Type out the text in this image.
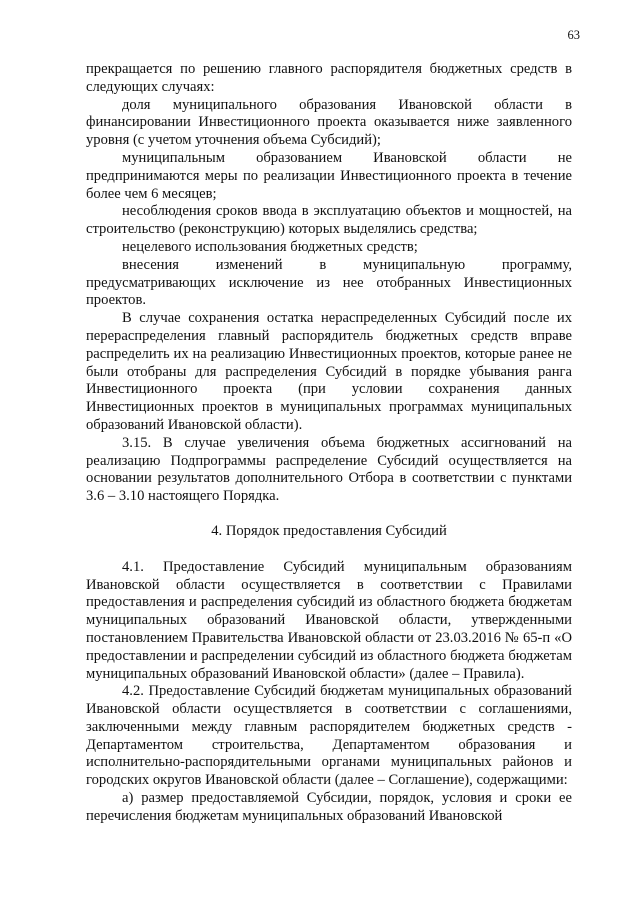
63

прекращается по решению главного распорядителя бюджетных средств в следующих случаях:

доля муниципального образования Ивановской области в финансировании Инвестиционного проекта оказывается ниже заявленного уровня (с учетом уточнения объема Субсидий);

муниципальным образованием Ивановской области не предпринимаются меры по реализации Инвестиционного проекта в течение более чем 6 месяцев;

несоблюдения сроков ввода в эксплуатацию объектов и мощностей, на строительство (реконструкцию) которых выделялись средства;

нецелевого использования бюджетных средств;

внесения изменений в муниципальную программу, предусматривающих исключение из нее отобранных Инвестиционных проектов.

В случае сохранения остатка нераспределенных Субсидий после их перераспределения главный распорядитель бюджетных средств вправе распределить их на реализацию Инвестиционных проектов, которые ранее не были отобраны для распределения Субсидий в порядке убывания ранга Инвестиционного проекта (при условии сохранения данных Инвестиционных проектов в муниципальных программах муниципальных образований Ивановской области).

3.15. В случае увеличения объема бюджетных ассигнований на реализацию Подпрограммы распределение Субсидий осуществляется на основании результатов дополнительного Отбора в соответствии с пунктами 3.6 – 3.10 настоящего Порядка.

4. Порядок предоставления Субсидий

4.1. Предоставление Субсидий муниципальным образованиям Ивановской области осуществляется в соответствии с Правилами предоставления и распределения субсидий из областного бюджета бюджетам муниципальных образований Ивановской области, утвержденными постановлением Правительства Ивановской области от 23.03.2016 № 65-п «О предоставлении и распределении субсидий из областного бюджета бюджетам муниципальных образований Ивановской области» (далее – Правила).

4.2. Предоставление Субсидий бюджетам муниципальных образований Ивановской области осуществляется в соответствии с соглашениями, заключенными между главным распорядителем бюджетных средств - Департаментом строительства, Департаментом образования и исполнительно-распорядительными органами муниципальных районов и городских округов Ивановской области (далее – Соглашение), содержащими:

а) размер предоставляемой Субсидии, порядок, условия и сроки ее перечисления бюджетам муниципальных образований Ивановской
